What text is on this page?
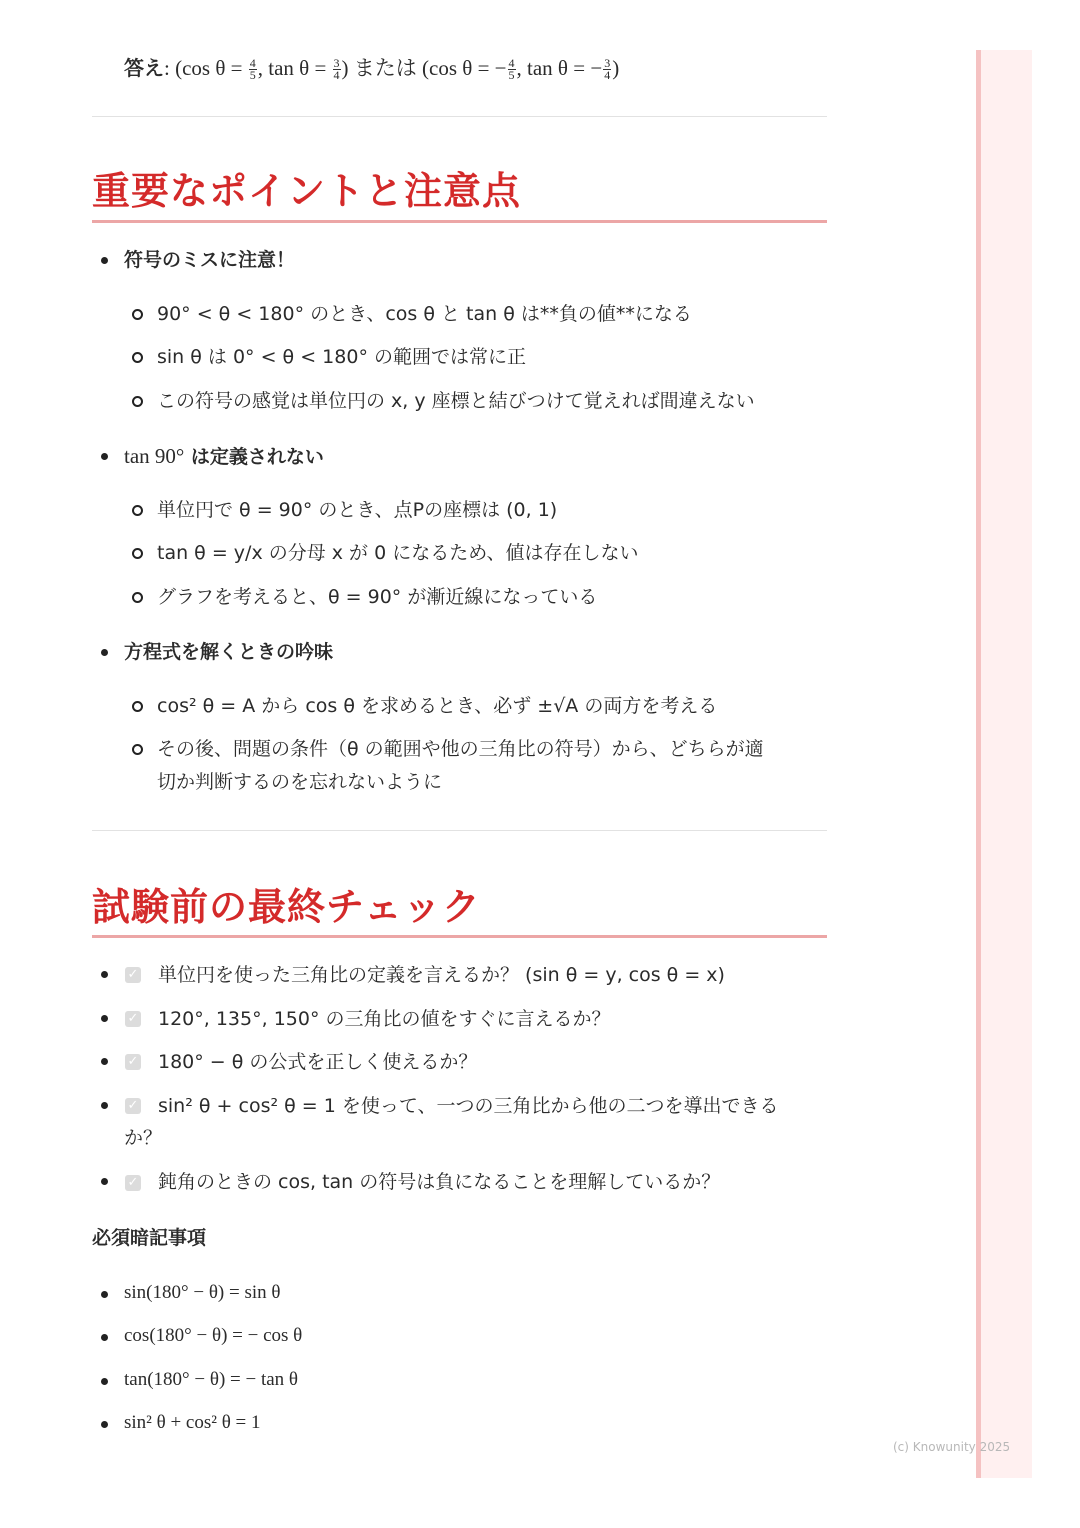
答え: (cos $\theta = \frac{4}{5}$ , $\tan \theta = \frac{3}{4}$ ) または (cos θ = − $\frac{4}{5}$ , tan θ = − $\frac{3}{4}$ )
重要なポイントと注意点
符号のミスに注意！
90° < θ < 180° のとき、cos θ と tan θ は**負の値**になる
sin θ は 0° < θ < 180° の範囲では常に正
この符号の感覚は単位円の x, y 座標と結びつけて覚えれば間違えない
tan 90° は定義されない
単位円で θ = 90° のとき、点Pの座標は (0, 1)
tan θ = y/x の分母 x が 0 になるため、値は存在しない
グラフを考えると、θ = 90° が漸近線になっている
方程式を解くときの吟味
cos² θ = A から cos θ を求めるとき、必ず ±√A の両方を考える
その後、問題の条件（θ の範囲や他の三角比の符号）から、どちらが適
切か判断するのを忘れないように
試験前の最終チェック
✓ 単位円を使った三角比の定義を言えるか？ (sin θ = y, cos θ = x)
✓ 120°, 135°, 150° の三角比の値をすぐに言えるか？
✓ 180° − θ の公式を正しく使えるか？
✓ sin² θ + cos² θ = 1 を使って、一つの三角比から他の二つを導出できる
か？
✓ 鈍角のときの cos, tan の符号は負になることを理解しているか？
必須暗記事項
sin(180° − θ) = sin θ
cos(180° − θ) = − cos θ
tan(180° − θ) = − tan θ
sin² θ + cos² θ = 1
(c) Knowunity 2025
